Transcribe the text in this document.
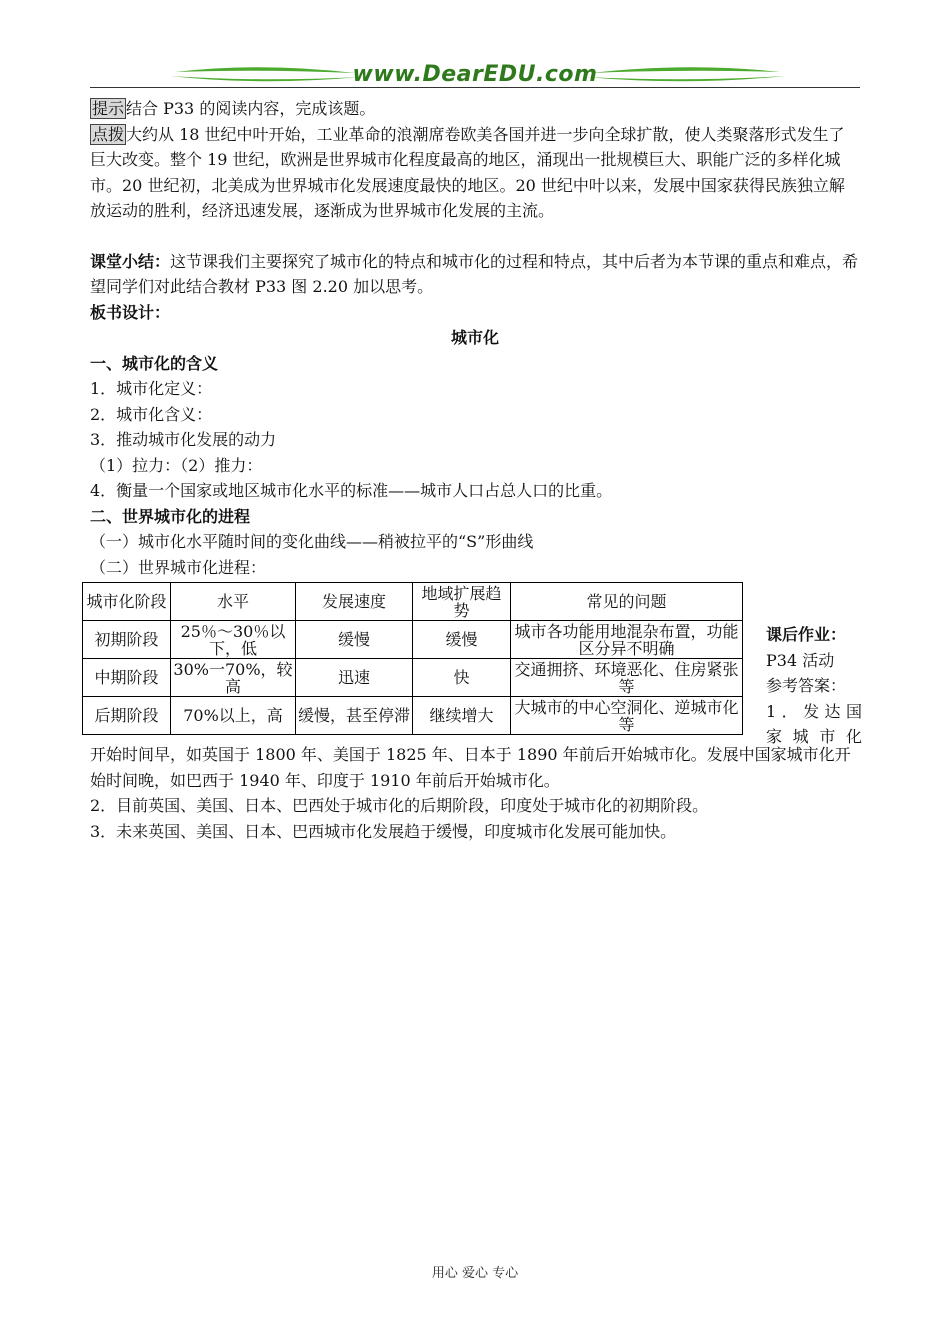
www.DearEDU.com

提示 结合 P33 的阅读内容，完成该题。

点拨 大约从 18 世纪中叶开始，工业革命的浪潮席卷欧美各国并进一步向全球扩散，使人类聚落形式发生了巨大改变。整个 19 世纪，欧洲是世界城市化程度最高的地区，涌现出一批规模巨大、职能广泛的多样化城市。20 世纪初，北美成为世界城市化发展速度最快的地区。20 世纪中叶以来，发展中国家获得民族独立解放运动的胜利，经济迅速发展，逐渐成为世界城市化发展的主流。

课堂小结：这节课我们主要探究了城市化的特点和城市化的过程和特点，其中后者为本节课的重点和难点，希望同学们对此结合教材 P33 图 2.20 加以思考。

板书设计：

城市化

一、城市化的含义

1．城市化定义：

2．城市化含义：

3．推动城市化发展的动力

（1）拉力：（2）推力：

4．衡量一个国家或地区城市化水平的标准——城市人口占总人口的比重。

二、世界城市化的进程

（一）城市化水平随时间的变化曲线——稍被拉平的“S”形曲线

（二）世界城市化进程：

城市化阶段	水平	发展速度	地域扩展趋势	常见的问题
初期阶段	25％～30％以下，低	缓慢	缓慢	城市各功能用地混杂布置，功能区分异不明确
中期阶段	30%一70%，较高	迅速	快	交通拥挤、环境恶化、住房紧张等
后期阶段	70%以上，高	缓慢，甚至停滞	继续增大	大城市的中心空洞化、逆城市化等
课后作业：
P34 活动
参考答案：
1．发达国
家城市化

开始时间早，如英国于 1800 年、美国于 1825 年、日本于 1890 年前后开始城市化。发展中国家城市化开始时间晚，如巴西于 1940 年、印度于 1910 年前后开始城市化。

2．目前英国、美国、日本、巴西处于城市化的后期阶段，印度处于城市化的初期阶段。

3．未来英国、美国、日本、巴西城市化发展趋于缓慢，印度城市化发展可能加快。

用心 爱心 专心
